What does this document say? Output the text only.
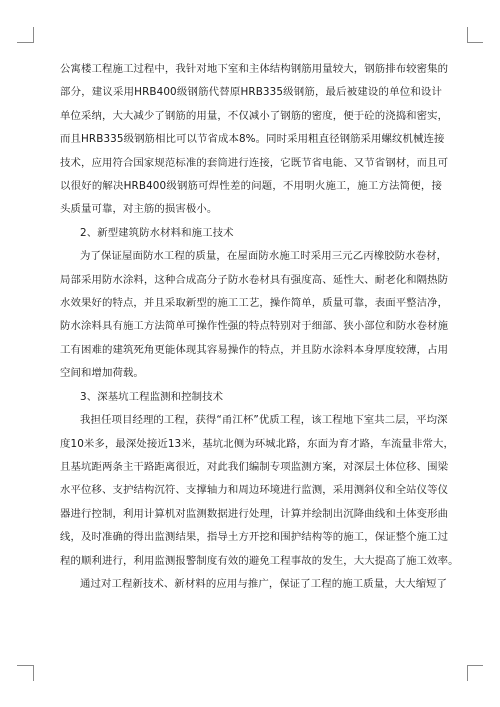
公寓楼工程施工过程中，我针对地下室和主体结构钢筋用量较大，钢筋排布较密集的
部分，建议采用HRB400级钢筋代替原HRB335级钢筋，最后被建设的单位和设计
单位采纳，大大减少了钢筋的用量，不仅减小了钢筋的密度，便于砼的浇捣和密实，
而且HRB335级钢筋相比可以节省成本8%。同时采用粗直径钢筋采用螺纹机械连接
技术，应用符合国家规范标准的套筒进行连接，它既节省电能、又节省钢材，而且可
以很好的解决HRB400级钢筋可焊性差的问题，不用明火施工，施工方法简便，接
头质量可靠，对主筋的损害极小。
2、新型建筑防水材料和施工技术
为了保证屋面防水工程的质量，在屋面防水施工时采用三元乙丙橡胶防水卷材，
局部采用防水涂料，这种合成高分子防水卷材具有强度高、延性大、耐老化和隔热防
水效果好的特点，并且采取新型的施工工艺，操作简单，质量可靠，表面平整洁净，
防水涂料具有施工方法简单可操作性强的特点特别对于细部、狭小部位和防水卷材施
工有困难的建筑死角更能体现其容易操作的特点，并且防水涂料本身厚度较薄，占用
空间和增加荷载。
3、深基坑工程监测和控制技术
我担任项目经理的工程，获得“甬江杯”优质工程，该工程地下室共二层，平均深
度10米多，最深处接近13米，基坑北侧为环城北路，东面为育才路，车流量非常大，
且基坑距两条主干路距离很近，对此我们编制专项监测方案，对深层土体位移、围梁
水平位移、支护结构沉符、支撑轴力和周边环境进行监测，采用测斜仪和全站仪等仪
器进行控制，利用计算机对监测数据进行处理，计算并绘制出沉降曲线和土体变形曲
线，及时准确的得出监测结果，指导土方开挖和围护结构等的施工，保证整个施工过
程的顺利进行，利用监测报警制度有效的避免工程事故的发生，大大提高了施工效率。
通过对工程新技术、新材料的应用与推广，保证了工程的施工质量，大大缩短了
